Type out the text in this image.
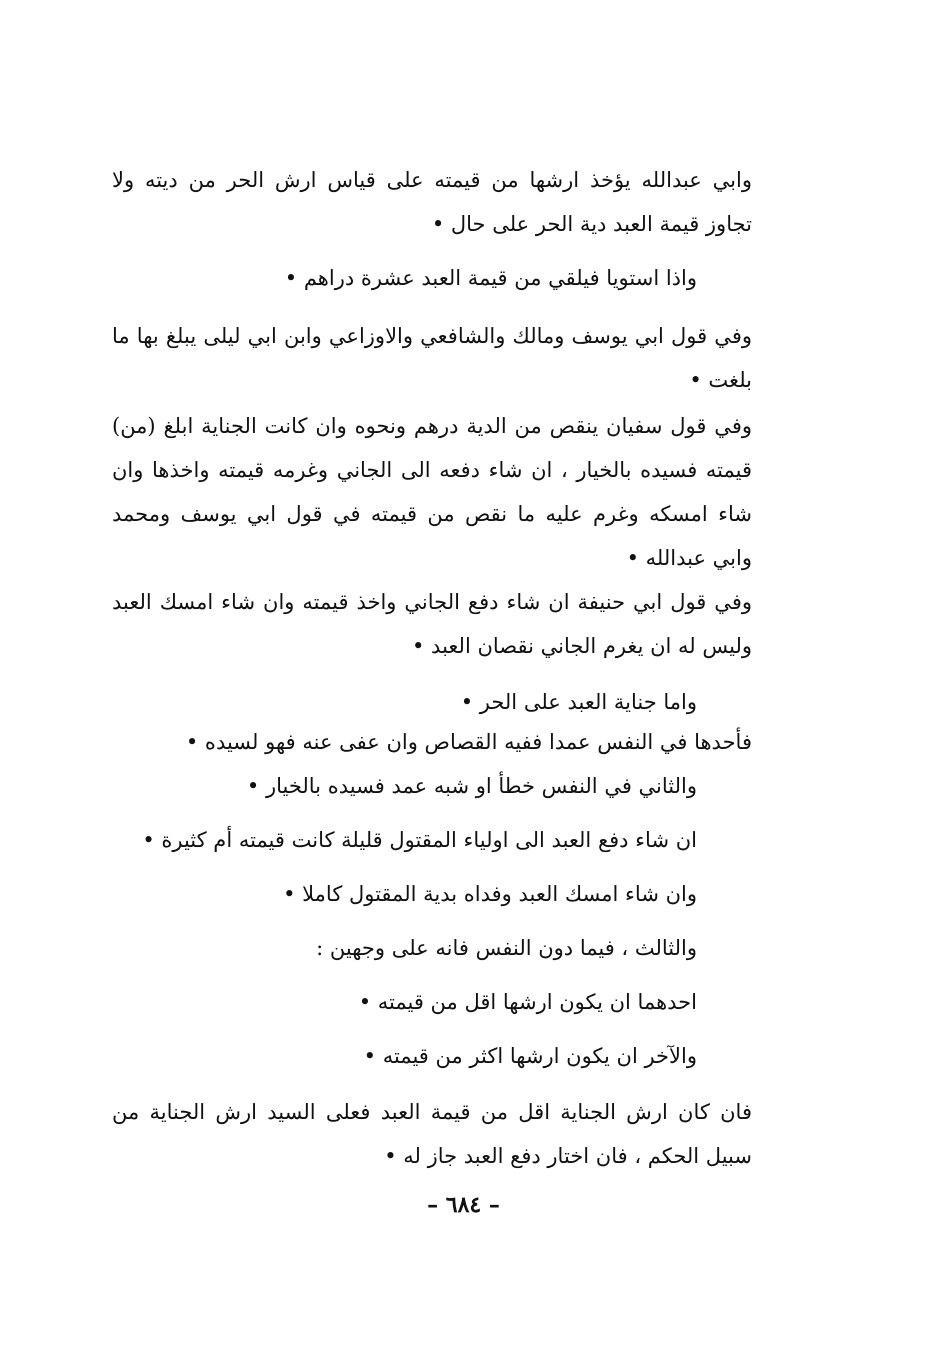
وابي عبدالله يؤخذ ارشها من قيمته على قياس ارش الحر من ديته ولا تجاوز قيمة العبد دية الحر على حال •

واذا استويا فيلقي من قيمة العبد عشرة دراهم •

وفي قول ابي يوسف ومالك والشافعي والاوزاعي وابن ابي ليلى يبلغ بها ما بلغت •

وفي قول سفيان ينقص من الدية درهم ونحوه وان كانت الجناية ابلغ (من) قيمته فسيده بالخيار ، ان شاء دفعه الى الجاني وغرمه قيمته واخذها وان شاء امسكه وغرم عليه ما نقص من قيمته في قول ابي يوسف ومحمد وابي عبدالله •

وفي قول ابي حنيفة ان شاء دفع الجاني واخذ قيمته وان شاء امسك العبد وليس له ان يغرم الجاني نقصان العبد •

واما جناية العبد على الحر •

فأحدها في النفس عمدا ففيه القصاص وان عفى عنه فهو لسيده •

والثاني في النفس خطأ او شبه عمد فسيده بالخيار •

ان شاء دفع العبد الى اولياء المقتول قليلة كانت قيمته أم كثيرة •

وان شاء امسك العبد وفداه بدية المقتول كاملا •

والثالث ، فيما دون النفس فانه على وجهين :

احدهما ان يكون ارشها اقل من قيمته •

والآخر ان يكون ارشها اكثر من قيمته •

فان كان ارش الجناية اقل من قيمة العبد فعلى السيد ارش الجناية من سبيل الحكم ، فان اختار دفع العبد جاز له •

– ٦٨٤ –
